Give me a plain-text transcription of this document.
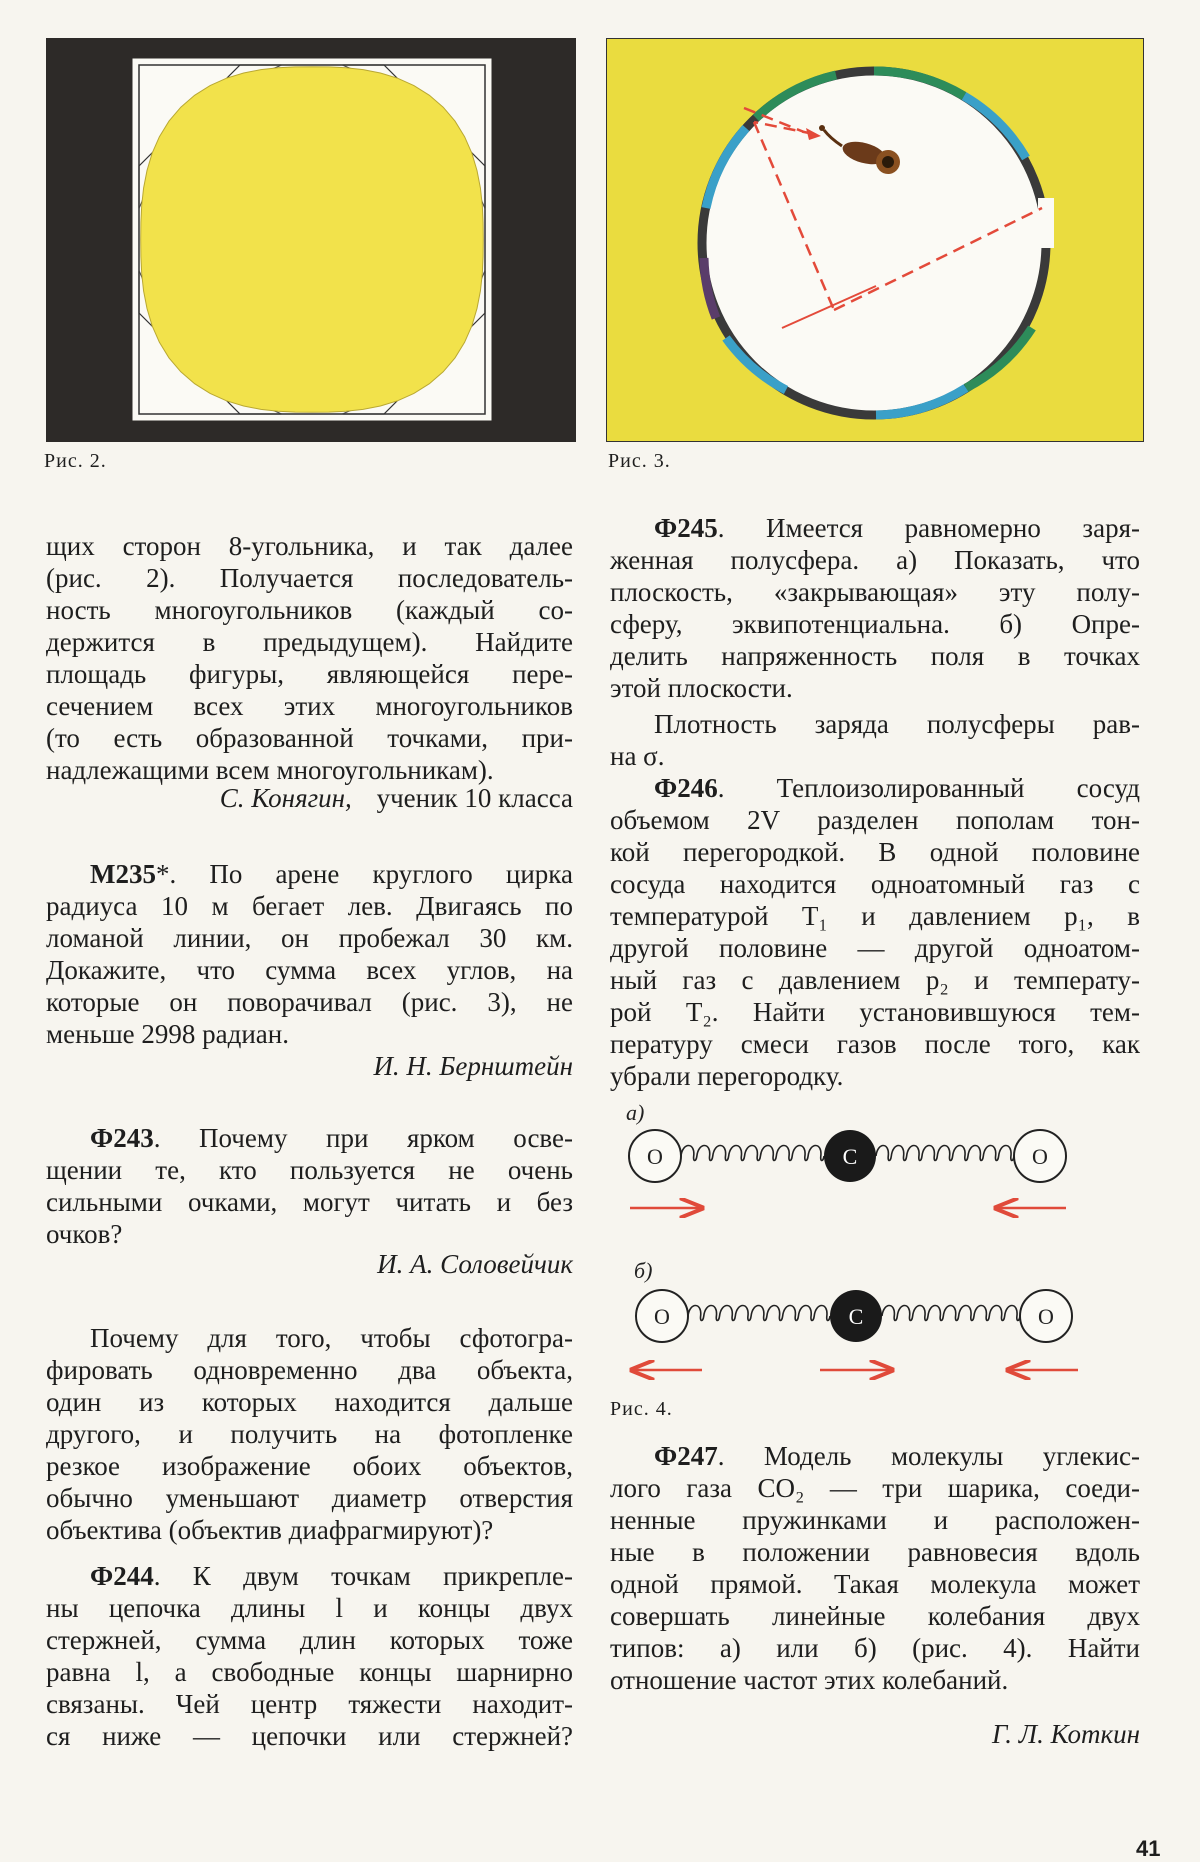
Рис. 2.	Рис. 3.
щих сторон 8-угольника, и так далее
(рис. 2). Получается последователь-
ность многоугольников (каждый со-
держится в предыдущем). Найдите
площадь фигуры, являющейся пере-
сечением всех этих многоугольников
(то есть образованной точками, при-
надлежащими всем многоугольникам).
С. Конягин, ученик 10 класса
М235*. По арене круглого цирка
радиуса 10 м бегает лев. Двигаясь по
ломаной линии, он пробежал 30 км.
Докажите, что сумма всех углов, на
которые он поворачивал (рис. 3), не
меньше 2998 радиан.
И. Н. Бернштейн
Ф243. Почему при ярком осве-
щении те, кто пользуется не очень
сильными очками, могут читать и без
очков?
И. А. Соловейчик
Почему для того, чтобы сфотогра-
фировать одновременно два объекта,
один из которых находится дальше
другого, и получить на фотопленке
резкое изображение обоих объектов,
обычно уменьшают диаметр отверстия
объектива (объектив диафрагмируют)?
Ф244. К двум точкам прикрепле-
ны цепочка длины l и концы двух
стержней, сумма длин которых тоже
равна l, а свободные концы шарнирно
связаны. Чей центр тяжести находит-
ся ниже — цепочки или стержней?
Ф245. Имеется равномерно заря-
женная полусфера. а) Показать, что
плоскость, «закрывающая» эту полу-
сферу, эквипотенциальна. б) Опре-
делить напряженность поля в точках
этой плоскости.
Плотность заряда полусферы рав-
на σ.
Ф246. Теплоизолированный сосуд
объемом 2V разделен пополам тон-
кой перегородкой. В одной половине
сосуда находится одноатомный газ с
температурой T₁ и давлением p₁, в
другой половине — другой одноатом-
ный газ с давлением p₂ и температу-
рой T₂. Найти установившуюся тем-
пературу смеси газов после того, как
убрали перегородку.
a)
O	C	O
б)
O	C	O
Рис. 4.
Ф247. Модель молекулы углекис-
лого газа CO₂ — три шарика, соеди-
ненные пружинками и расположен-
ные в положении равновесия вдоль
одной прямой. Такая молекула может
совершать линейные колебания двух
типов: а) или б) (рис. 4). Найти
отношение частот этих колебаний.
Г. Л. Коткин
41
